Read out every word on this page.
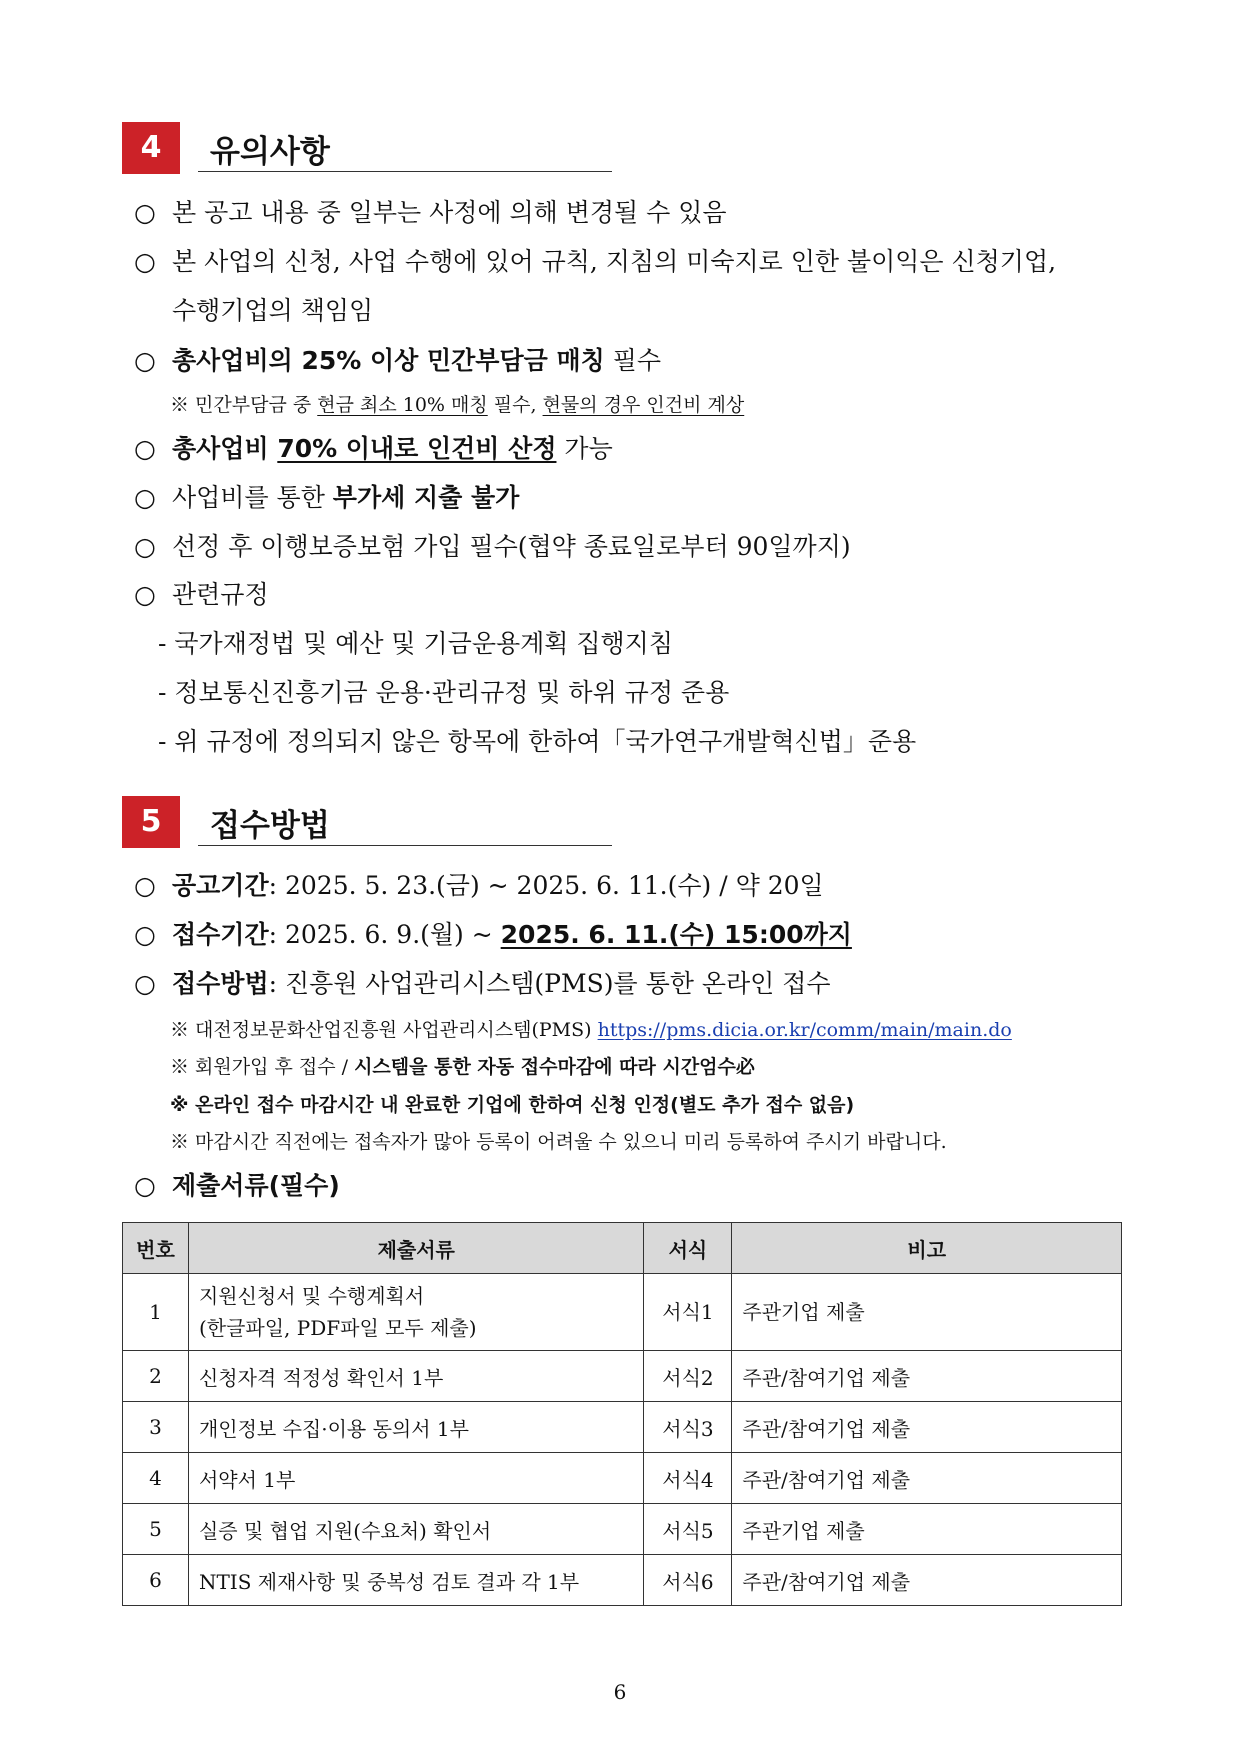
4	유의사항
○ 본 공고 내용 중 일부는 사정에 의해 변경될 수 있음
○ 본 사업의 신청, 사업 수행에 있어 규칙, 지침의 미숙지로 인한 불이익은 신청기업,
수행기업의 책임임
○ 총사업비의 25% 이상 민간부담금 매칭 필수
※ 민간부담금 중 현금 최소 10% 매칭 필수, 현물의 경우 인건비 계상
○ 총사업비 70% 이내로 인건비 산정 가능
○ 사업비를 통한 부가세 지출 불가
○ 선정 후 이행보증보험 가입 필수(협약 종료일로부터 90일까지)
○ 관련규정
- 국가재정법 및 예산 및 기금운용계획 집행지침
- 정보통신진흥기금 운용·관리규정 및 하위 규정 준용
- 위 규정에 정의되지 않은 항목에 한하여「국가연구개발혁신법」준용
5	접수방법
○ 공고기간: 2025. 5. 23.(금) ~ 2025. 6. 11.(수) / 약 20일
○ 접수기간: 2025. 6. 9.(월) ~ 2025. 6. 11.(수) 15:00까지
○ 접수방법: 진흥원 사업관리시스템(PMS)를 통한 온라인 접수
※ 대전정보문화산업진흥원 사업관리시스템(PMS) https://pms.dicia.or.kr/comm/main/main.do
※ 회원가입 후 접수 / 시스템을 통한 자동 접수마감에 따라 시간엄수必
※ 온라인 접수 마감시간 내 완료한 기업에 한하여 신청 인정(별도 추가 접수 없음)
※ 마감시간 직전에는 접속자가 많아 등록이 어려울 수 있으니 미리 등록하여 주시기 바랍니다.
○ 제출서류(필수)
번호	제출서류	서식	비고
1	지원신청서 및 수행계획서
(한글파일, PDF파일 모두 제출)	서식1	주관기업 제출
2	신청자격 적정성 확인서 1부	서식2	주관/참여기업 제출
3	개인정보 수집·이용 동의서 1부	서식3	주관/참여기업 제출
4	서약서 1부	서식4	주관/참여기업 제출
5	실증 및 협업 지원(수요처) 확인서	서식5	주관기업 제출
6	NTIS 제재사항 및 중복성 검토 결과 각 1부	서식6	주관/참여기업 제출
6
